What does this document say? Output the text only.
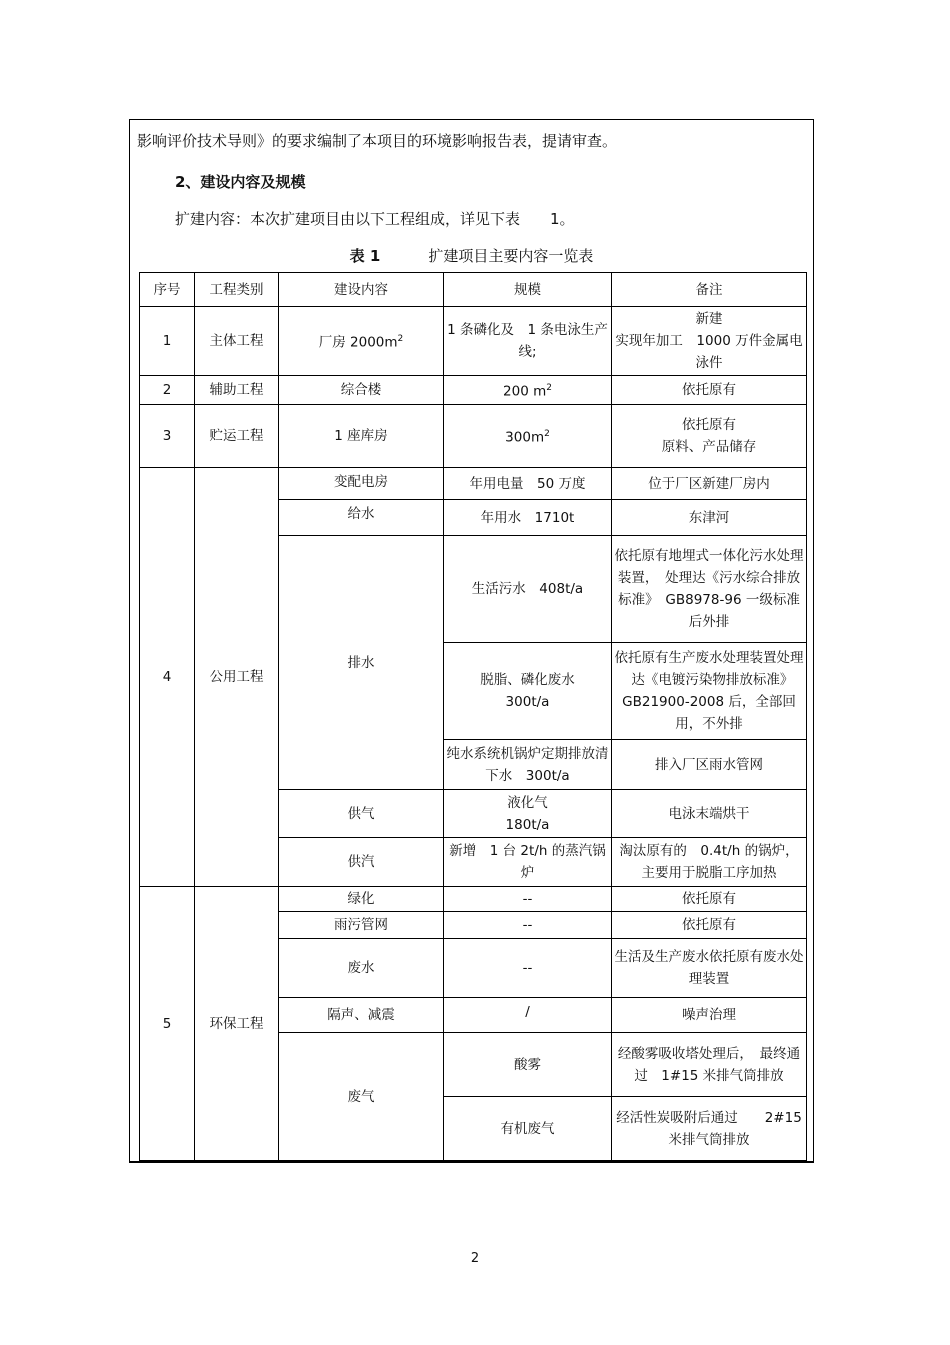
影响评价技术导则》的要求编制了本项目的环境影响报告表，提请审查。
2、建设内容及规模
扩建内容：本次扩建项目由以下工程组成，详见下表　　1。
表 1	扩建项目主要内容一览表
序号	工程类别	建设内容	规模	备注
1	主体工程	厂房 $2000m^2$	1 条磷化及　1 条电泳生产线;	新建
实现年加工　1000 万件金属电泳件
2	辅助工程	综合楼	200 $m^2$	依托原有
3	贮运工程	1 座库房	$300m^2$	依托原有
原料、产品储存
4	公用工程	变配电房	年用电量　50 万度	位于厂区新建厂房内
		给水	年用水　1710t	东津河
		排水	生活污水　408t/a	依托原有地埋式一体化污水处理装置，　处理达《污水综合排放标准》　GB8978-96 一级标准后外排
			脱脂、磷化废水
300t/a	依托原有生产废水处理装置处理达《电镀污染物排放标准》　GB21900-2008 后，全部回用，不外排
			纯水系统机锅炉定期排放清下水　300t/a	排入厂区雨水管网
		供气	液化气
180t/a	电泳末端烘干
		供汽	新增　1 台 2t/h 的蒸汽锅炉	淘汰原有的　0.4t/h 的锅炉，主要用于脱脂工序加热
5	环保工程	绿化	--	依托原有
		雨污管网	--	依托原有
		废水	--	生活及生产废水依托原有废水处理装置
		隔声、减震	/	噪声治理
		废气	酸雾	经酸雾吸收塔处理后，　最终通过　1#15 米排气筒排放
			有机废气	经活性炭吸附后通过　　2#15 米排气筒排放
2
